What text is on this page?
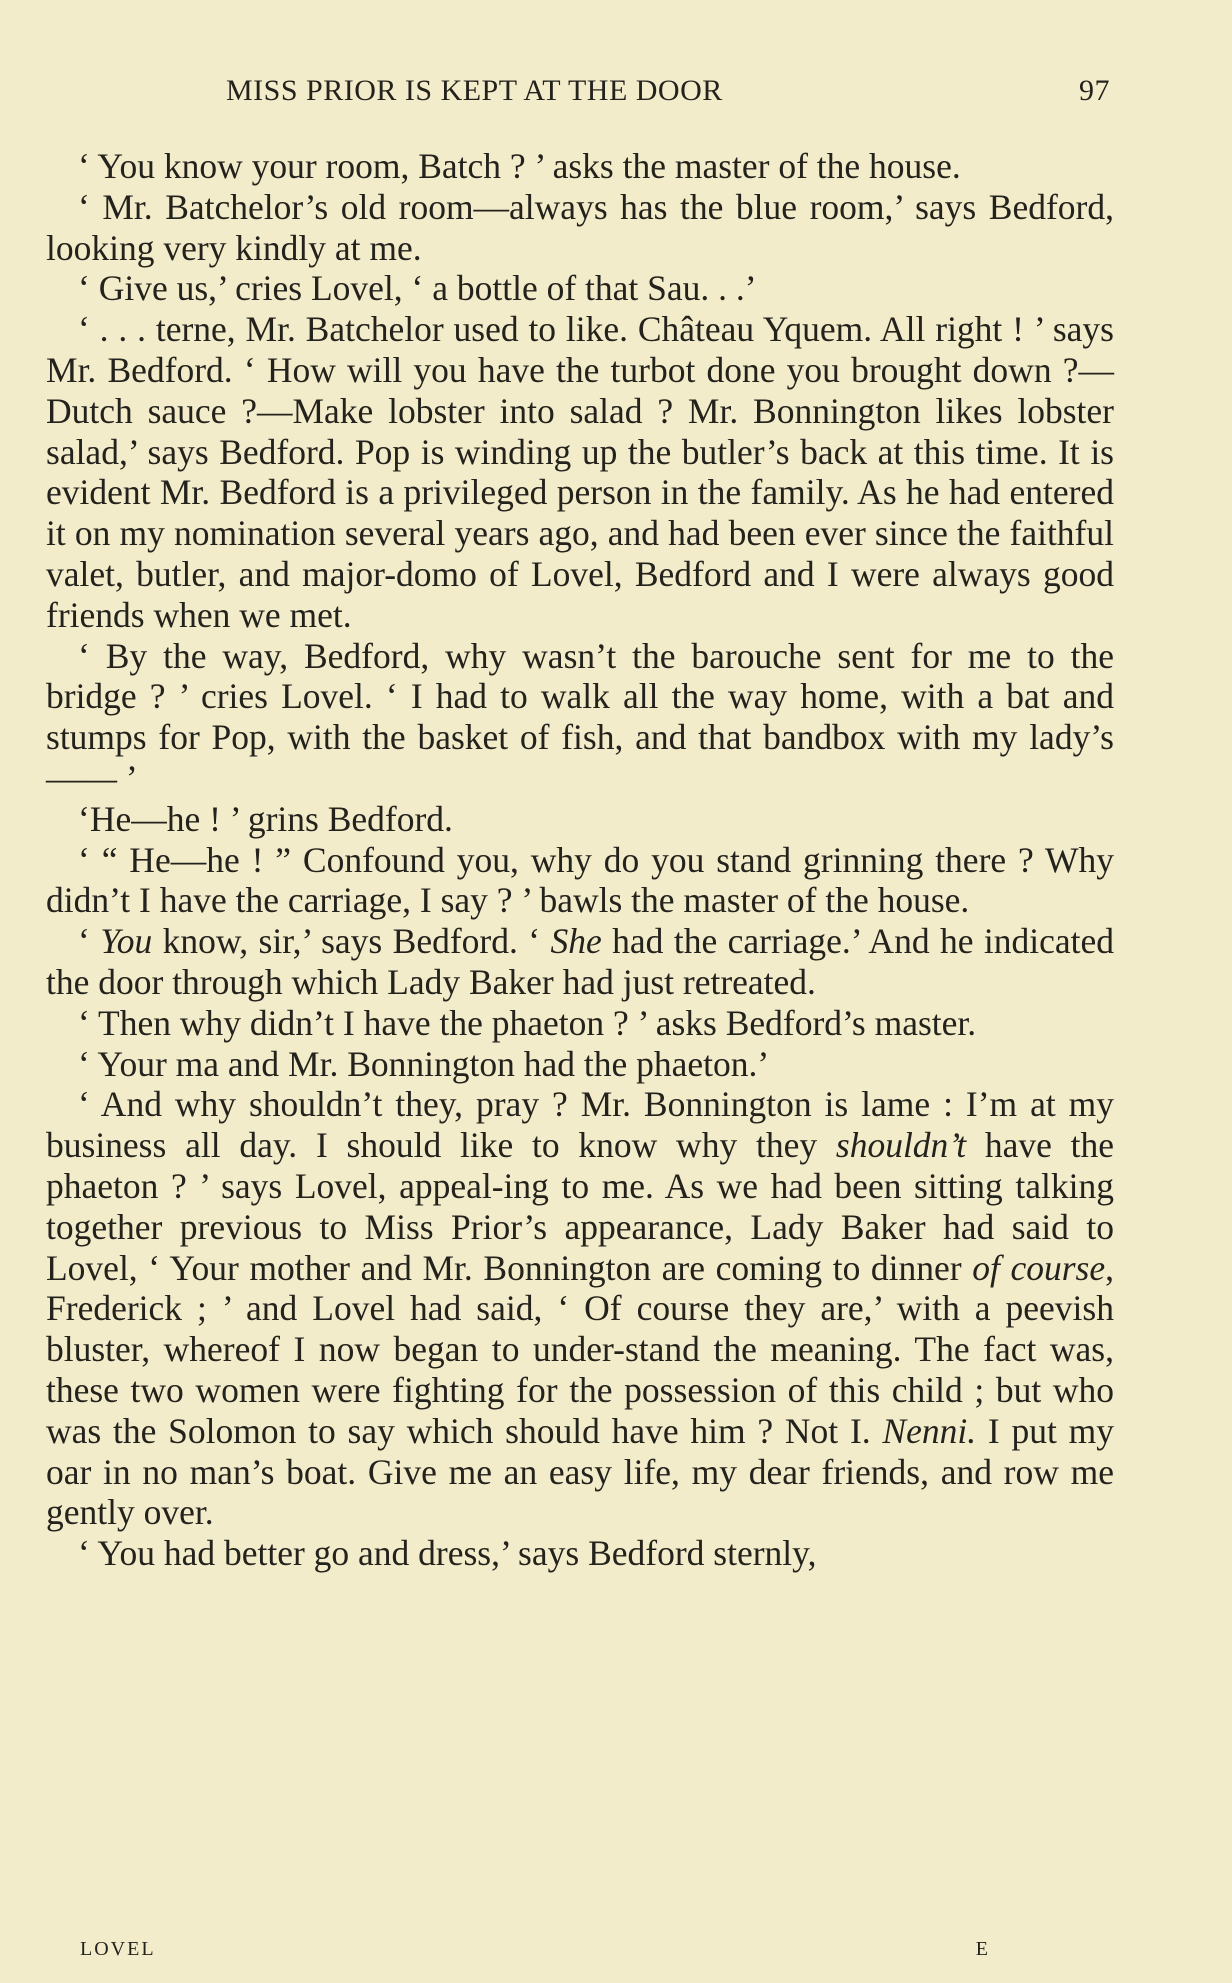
MISS PRIOR IS KEPT AT THE DOOR	97

‘ You know your room, Batch ? ’ asks the master of the house.

‘ Mr. Batchelor’s old room—always has the blue room,’ says Bedford, looking very kindly at me.

‘ Give us,’ cries Lovel, ‘ a bottle of that Sau. . .’

‘ . . . terne, Mr. Batchelor used to like. Château Yquem. All right ! ’ says Mr. Bedford. ‘ How will you have the turbot done you brought down ?—Dutch sauce ?—Make lobster into salad ? Mr. Bonnington likes lobster salad,’ says Bedford. Pop is winding up the butler’s back at this time. It is evident Mr. Bedford is a privileged person in the family. As he had entered it on my nomination several years ago, and had been ever since the faithful valet, butler, and major-domo of Lovel, Bedford and I were always good friends when we met.

‘ By the way, Bedford, why wasn’t the barouche sent for me to the bridge ? ’ cries Lovel. ‘ I had to walk all the way home, with a bat and stumps for Pop, with the basket of fish, and that bandbox with my lady’s—— ’

‘He—he ! ’ grins Bedford.

‘ “ He—he ! ” Confound you, why do you stand grinning there ? Why didn’t I have the carriage, I say ? ’ bawls the master of the house.

‘ You know, sir,’ says Bedford. ‘ She had the carriage.’ And he indicated the door through which Lady Baker had just retreated.

‘ Then why didn’t I have the phaeton ? ’ asks Bedford’s master.

‘ Your ma and Mr. Bonnington had the phaeton.’

‘ And why shouldn’t they, pray ? Mr. Bonnington is lame : I’m at my business all day. I should like to know why they shouldn’t have the phaeton ? ’ says Lovel, appeal-ing to me. As we had been sitting talking together previous to Miss Prior’s appearance, Lady Baker had said to Lovel, ‘ Your mother and Mr. Bonnington are coming to dinner of course, Frederick ; ’ and Lovel had said, ‘ Of course they are,’ with a peevish bluster, whereof I now began to under-stand the meaning. The fact was, these two women were fighting for the possession of this child ; but who was the Solomon to say which should have him ? Not I. Nenni. I put my oar in no man’s boat. Give me an easy life, my dear friends, and row me gently over.

‘ You had better go and dress,’ says Bedford sternly,

LOVEL	E
